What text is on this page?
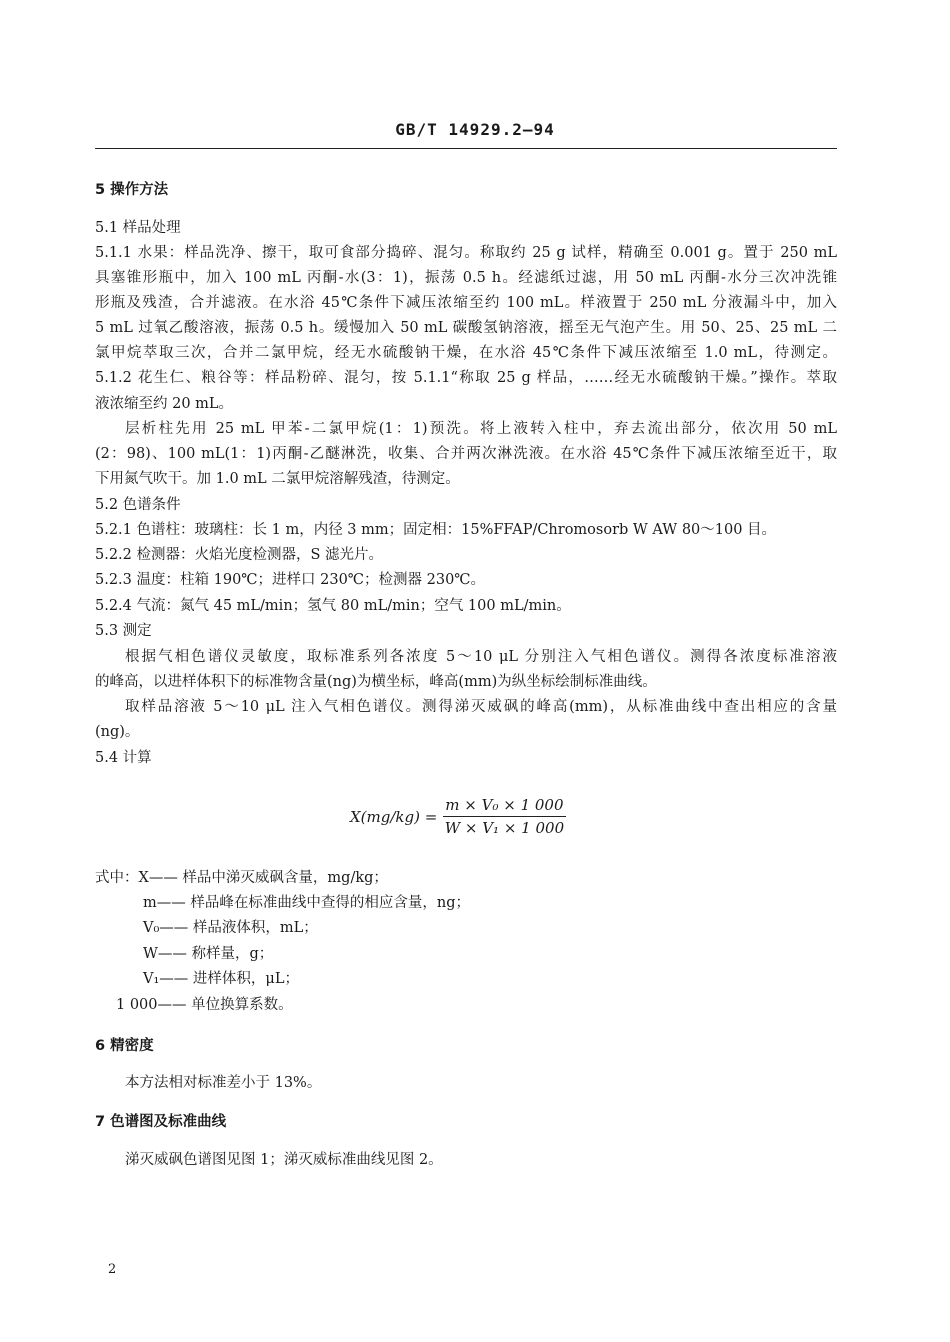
GB/T 14929.2—94
5 操作方法
5.1 样品处理
5.1.1 水果：样品洗净、擦干，取可食部分捣碎、混匀。称取约 25 g 试样，精确至 0.001 g。置于 250 mL
具塞锥形瓶中，加入 100 mL 丙酮-水(3：1)，振荡 0.5 h。经滤纸过滤，用 50 mL 丙酮-水分三次冲洗锥
形瓶及残渣，合并滤液。在水浴 45℃条件下减压浓缩至约 100 mL。样液置于 250 mL 分液漏斗中，加入
5 mL 过氧乙酸溶液，振荡 0.5 h。缓慢加入 50 mL 碳酸氢钠溶液，摇至无气泡产生。用 50、25、25 mL 二
氯甲烷萃取三次，合并二氯甲烷，经无水硫酸钠干燥，在水浴 45℃条件下减压浓缩至 1.0 mL，待测定。
5.1.2 花生仁、粮谷等：样品粉碎、混匀，按 5.1.1“称取 25 g 样品，……经无水硫酸钠干燥。”操作。萃取
液浓缩至约 20 mL。
层析柱先用 25 mL 甲苯-二氯甲烷(1：1)预洗。将上液转入柱中，弃去流出部分，依次用 50 mL
(2：98)、100 mL(1：1)丙酮-乙醚淋洗，收集、合并两次淋洗液。在水浴 45℃条件下减压浓缩至近干，取
下用氮气吹干。加 1.0 mL 二氯甲烷溶解残渣，待测定。
5.2 色谱条件
5.2.1 色谱柱：玻璃柱：长 1 m，内径 3 mm；固定相：15%FFAP/Chromosorb W AW 80～100 目。
5.2.2 检测器：火焰光度检测器，S 滤光片。
5.2.3 温度：柱箱 190℃；进样口 230℃；检测器 230℃。
5.2.4 气流：氮气 45 mL/min；氢气 80 mL/min；空气 100 mL/min。
5.3 测定
根据气相色谱仪灵敏度，取标准系列各浓度 5～10 μL 分别注入气相色谱仪。测得各浓度标准溶液
的峰高，以进样体积下的标准物含量(ng)为横坐标，峰高(mm)为纵坐标绘制标准曲线。
取样品溶液 5～10 μL 注入气相色谱仪。测得涕灭威砜的峰高(mm)，从标准曲线中查出相应的含量
(ng)。
5.4 计算
$X(mg/kg) = \frac{\text{m × V₀ × 1 000}}{\text{W × V₁ × 1 000}}$
式中：X—— 样品中涕灭威砜含量，mg/kg；
m—— 样品峰在标准曲线中查得的相应含量，ng；
V₀—— 样品液体积，mL；
W—— 称样量，g；
V₁—— 进样体积，μL；
1 000—— 单位换算系数。
6 精密度
本方法相对标准差小于 13%。
7 色谱图及标准曲线
涕灭威砜色谱图见图 1；涕灭威标准曲线见图 2。
2
